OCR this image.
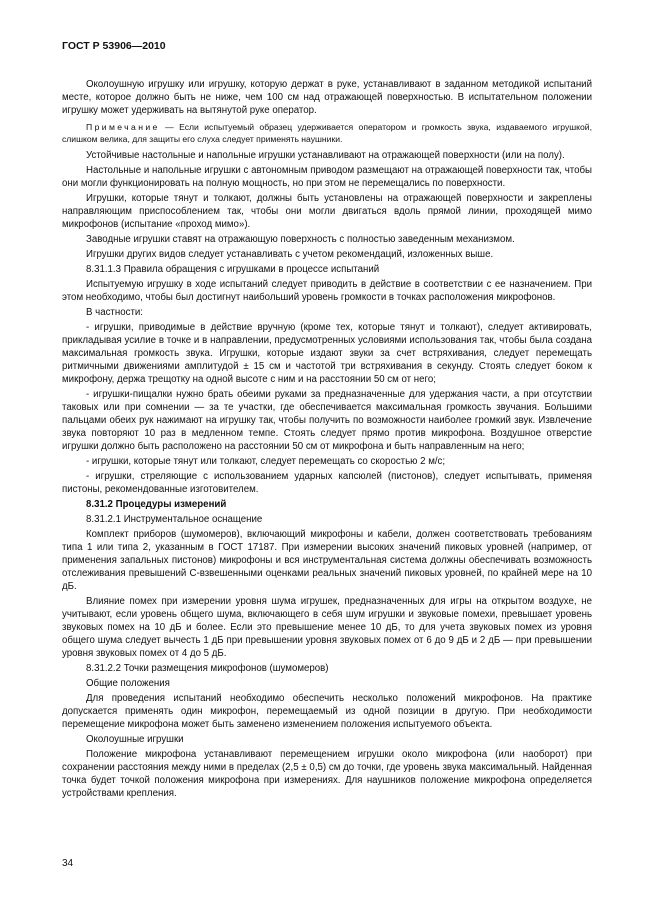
ГОСТ Р 53906—2010

Околоушную игрушку или игрушку, которую держат в руке, устанавливают в заданном методикой испытаний месте, которое должно быть не ниже, чем 100 см над отражающей поверхностью. В испытательном положении игрушку может удерживать на вытянутой руке оператор.

Примечание — Если испытуемый образец удерживается оператором и громкость звука, издаваемого игрушкой, слишком велика, для защиты его слуха следует применять наушники.

Устойчивые настольные и напольные игрушки устанавливают на отражающей поверхности (или на полу).

Настольные и напольные игрушки с автономным приводом размещают на отражающей поверхности так, чтобы они могли функционировать на полную мощность, но при этом не перемещались по поверхности.

Игрушки, которые тянут и толкают, должны быть установлены на отражающей поверхности и закреплены направляющим приспособлением так, чтобы они могли двигаться вдоль прямой линии, проходящей мимо микрофонов (испытание «проход мимо»).

Заводные игрушки ставят на отражающую поверхность с полностью заведенным механизмом.

Игрушки других видов следует устанавливать с учетом рекомендаций, изложенных выше.

8.31.1.3 Правила обращения с игрушками в процессе испытаний

Испытуемую игрушку в ходе испытаний следует приводить в действие в соответствии с ее назначением. При этом необходимо, чтобы был достигнут наибольший уровень громкости в точках расположения микрофонов.

В частности:

- игрушки, приводимые в действие вручную (кроме тех, которые тянут и толкают), следует активировать, прикладывая усилие в точке и в направлении, предусмотренных условиями использования так, чтобы была создана максимальная громкость звука. Игрушки, которые издают звуки за счет встряхивания, следует перемещать ритмичными движениями амплитудой ± 15 см и частотой три встряхивания в секунду. Стоять следует боком к микрофону, держа трещотку на одной высоте с ним и на расстоянии 50 см от него;

- игрушки-пищалки нужно брать обеими руками за предназначенные для удержания части, а при отсутствии таковых или при сомнении — за те участки, где обеспечивается максимальная громкость звучания. Большими пальцами обеих рук нажимают на игрушку так, чтобы получить по возможности наиболее громкий звук. Извлечение звука повторяют 10 раз в медленном темпе. Стоять следует прямо против микрофона. Воздушное отверстие игрушки должно быть расположено на расстоянии 50 см от микрофона и быть направленным на него;

- игрушки, которые тянут или толкают, следует перемещать со скоростью 2 м/с;

- игрушки, стреляющие с использованием ударных капсюлей (пистонов), следует испытывать, применяя пистоны, рекомендованные изготовителем.

8.31.2 Процедуры измерений

8.31.2.1 Инструментальное оснащение

Комплект приборов (шумомеров), включающий микрофоны и кабели, должен соответствовать требованиям типа 1 или типа 2, указанным в ГОСТ 17187. При измерении высоких значений пиковых уровней (например, от применения запальных пистонов) микрофоны и вся инструментальная система должны обеспечивать возможность отслеживания превышений С-взвешенными оценками реальных значений пиковых уровней, по крайней мере на 10 дБ.

Влияние помех при измерении уровня шума игрушек, предназначенных для игры на открытом воздухе, не учитывают, если уровень общего шума, включающего в себя шум игрушки и звуковые помехи, превышает уровень звуковых помех на 10 дБ и более. Если это превышение менее 10 дБ, то для учета звуковых помех из уровня общего шума следует вычесть 1 дБ при превышении уровня звуковых помех от 6 до 9 дБ и 2 дБ — при превышении уровня звуковых помех от 4 до 5 дБ.

8.31.2.2 Точки размещения микрофонов (шумомеров)

Общие положения

Для проведения испытаний необходимо обеспечить несколько положений микрофонов. На практике допускается применять один микрофон, перемещаемый из одной позиции в другую. При необходимости перемещение микрофона может быть заменено изменением положения испытуемого объекта.

Околоушные игрушки

Положение микрофона устанавливают перемещением игрушки около микрофона (или наоборот) при сохранении расстояния между ними в пределах (2,5 ± 0,5) см до точки, где уровень звука максимальный. Найденная точка будет точкой положения микрофона при измерениях. Для наушников положение микрофона определяется устройствами крепления.

34
